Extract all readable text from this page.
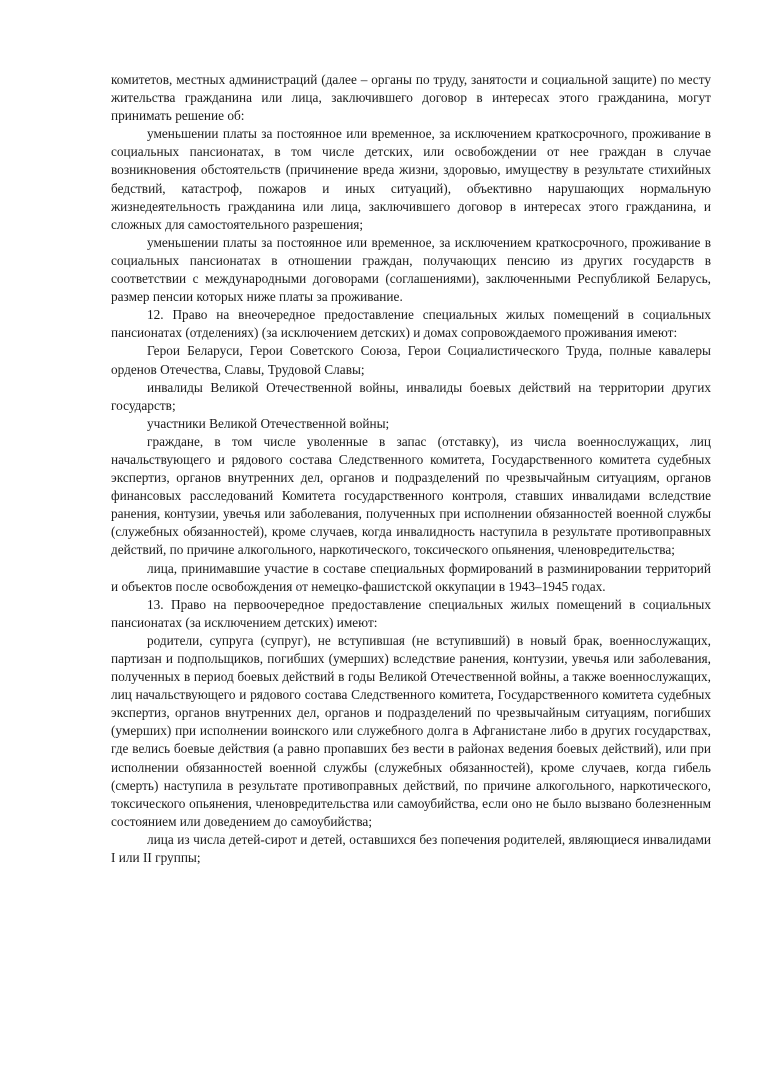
комитетов, местных администраций (далее – органы по труду, занятости и социальной защите) по месту жительства гражданина или лица, заключившего договор в интересах этого гражданина, могут принимать решение об:

уменьшении платы за постоянное или временное, за исключением краткосрочного, проживание в социальных пансионатах, в том числе детских, или освобождении от нее граждан в случае возникновения обстоятельств (причинение вреда жизни, здоровью, имуществу в результате стихийных бедствий, катастроф, пожаров и иных ситуаций), объективно нарушающих нормальную жизнедеятельность гражданина или лица, заключившего договор в интересах этого гражданина, и сложных для самостоятельного разрешения;

уменьшении платы за постоянное или временное, за исключением краткосрочного, проживание в социальных пансионатах в отношении граждан, получающих пенсию из других государств в соответствии с международными договорами (соглашениями), заключенными Республикой Беларусь, размер пенсии которых ниже платы за проживание.

12. Право на внеочередное предоставление специальных жилых помещений в социальных пансионатах (отделениях) (за исключением детских) и домах сопровождаемого проживания имеют:

Герои Беларуси, Герои Советского Союза, Герои Социалистического Труда, полные кавалеры орденов Отечества, Славы, Трудовой Славы;

инвалиды Великой Отечественной войны, инвалиды боевых действий на территории других государств;

участники Великой Отечественной войны;

граждане, в том числе уволенные в запас (отставку), из числа военнослужащих, лиц начальствующего и рядового состава Следственного комитета, Государственного комитета судебных экспертиз, органов внутренних дел, органов и подразделений по чрезвычайным ситуациям, органов финансовых расследований Комитета государственного контроля, ставших инвалидами вследствие ранения, контузии, увечья или заболевания, полученных при исполнении обязанностей военной службы (служебных обязанностей), кроме случаев, когда инвалидность наступила в результате противоправных действий, по причине алкогольного, наркотического, токсического опьянения, членовредительства;

лица, принимавшие участие в составе специальных формирований в разминировании территорий и объектов после освобождения от немецко-фашистской оккупации в 1943–1945 годах.

13. Право на первоочередное предоставление специальных жилых помещений в социальных пансионатах (за исключением детских) имеют:

родители, супруга (супруг), не вступившая (не вступивший) в новый брак, военнослужащих, партизан и подпольщиков, погибших (умерших) вследствие ранения, контузии, увечья или заболевания, полученных в период боевых действий в годы Великой Отечественной войны, а также военнослужащих, лиц начальствующего и рядового состава Следственного комитета, Государственного комитета судебных экспертиз, органов внутренних дел, органов и подразделений по чрезвычайным ситуациям, погибших (умерших) при исполнении воинского или служебного долга в Афганистане либо в других государствах, где велись боевые действия (а равно пропавших без вести в районах ведения боевых действий), или при исполнении обязанностей военной службы (служебных обязанностей), кроме случаев, когда гибель (смерть) наступила в результате противоправных действий, по причине алкогольного, наркотического, токсического опьянения, членовредительства или самоубийства, если оно не было вызвано болезненным состоянием или доведением до самоубийства;

лица из числа детей-сирот и детей, оставшихся без попечения родителей, являющиеся инвалидами I или II группы;
